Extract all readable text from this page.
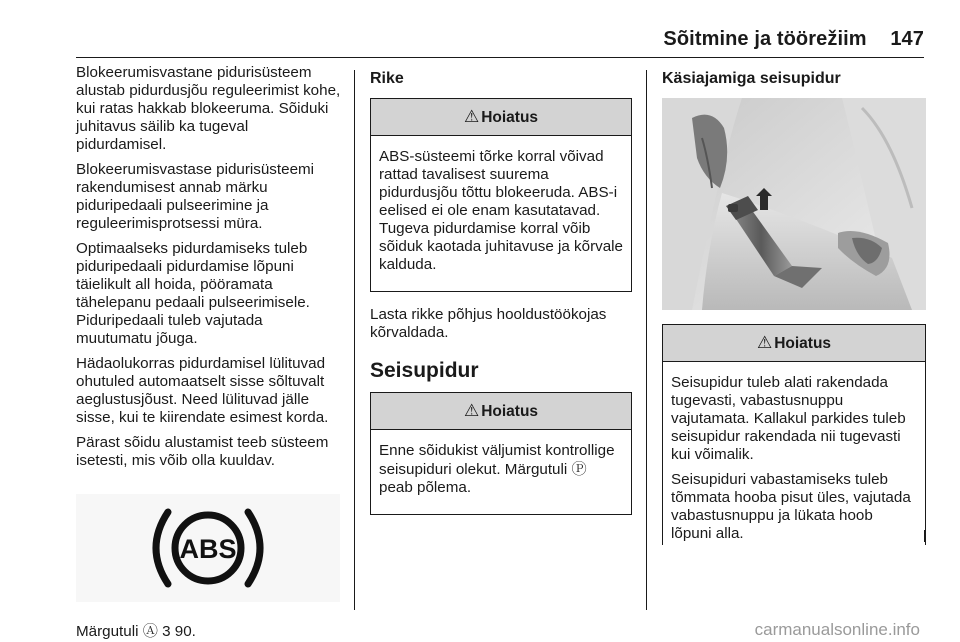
Sõitmine ja töörežiim 147

Blokeerumisvastane pidurisüsteem alustab pidurdusjõu reguleerimist kohe, kui ratas hakkab blokeeruma. Sõiduki juhitavus säilib ka tugeval pidurdamisel.

Blokeerumisvastase pidurisüsteemi rakendumisest annab märku piduripedaali pulseerimine ja reguleerimisprotsessi müra.

Optimaalseks pidurdamiseks tuleb piduripedaali pidurdamise lõpuni täielikult all hoida, pööramata tähelepanu pedaali pulseerimisele. Piduripedaali tuleb vajutada muutumatu jõuga.

Hädaolukorras pidurdamisel lülituvad ohutuled automaatselt sisse sõltuvalt aeglustusjõust. Need lülituvad jälle sisse, kui te kiirendate esimest korda.

Pärast sõidu alustamist teeb süsteem isetesti, mis võib olla kuuldav.

ABS
Märgutuli Ⓐ 3 90.
Rike
⚠ Hoiatus

ABS-süsteemi tõrke korral võivad rattad tavalisest suurema pidurdusjõu tõttu blokeeruda. ABS-i eelised ei ole enam kasutatavad. Tugeva pidurdamise korral võib sõiduk kaotada juhitavuse ja kõrvale kalduda.

Lasta rikke põhjus hooldustöökojas kõrvaldada.

Seisupidur
⚠ Hoiatus

Enne sõidukist väljumist kontrollige seisupiduri olekut. Märgutuli Ⓟ peab põlema.

Käsiajamiga seisupidur
⚠ Hoiatus

Seisupidur tuleb alati rakendada tugevasti, vabastusnuppu vajutamata. Kallakul parkides tuleb seisupidur rakendada nii tugevasti kui võimalik.

Seisupiduri vabastamiseks tuleb tõmmata hooba pisut üles, vajutada vabastusnuppu ja lükata hoob lõpuni alla.

carmanualsonline.info
